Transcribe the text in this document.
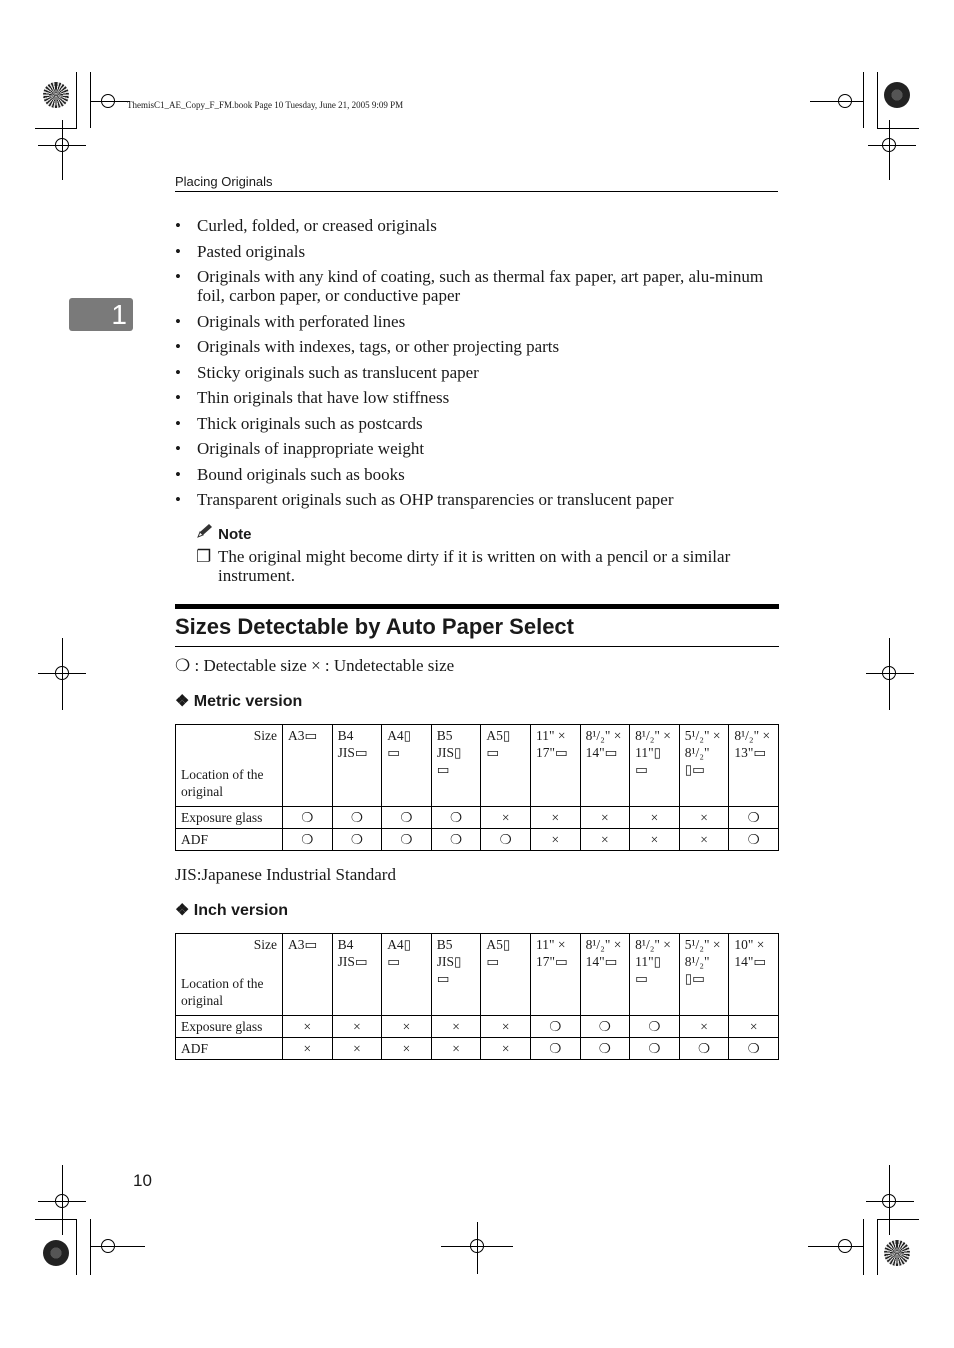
ThemisC1_AE_Copy_F_FM.book Page 10 Tuesday, June 21, 2005 9:09 PM
Placing Originals
1
• Curled, folded, or creased originals
• Pasted originals
• Originals with any kind of coating, such as thermal fax paper, art paper, alu-minum foil, carbon paper, or conductive paper
• Originals with perforated lines
• Originals with indexes, tags, or other projecting parts
• Sticky originals such as translucent paper
• Thin originals that have low stiffness
• Thick originals such as postcards
• Originals of inappropriate weight
• Bound originals such as books
• Transparent originals such as OHP transparencies or translucent paper
Note
❐ The original might become dirty if it is written on with a pencil or a similar instrument.
Sizes Detectable by Auto Paper Select
❍ : Detectable size × : Undetectable size
❖ Metric version
Size
Location of the original	A3▭	B4 JIS▭	A4▯ ▭	B5 JIS▯ ▭	A5▯ ▭	11" × 17"▭	8¹/₂" × 14"▭	8¹/₂" × 11"▯ ▭	5¹/₂" × 8¹/₂" ▯▭	8¹/₂" × 13"▭
Exposure glass	❍	❍	❍	❍	×	×	×	×	×	❍
ADF	❍	❍	❍	❍	❍	×	×	×	×	❍
JIS:Japanese Industrial Standard
❖ Inch version
Size
Location of the original	A3▭	B4 JIS▭	A4▯ ▭	B5 JIS▯ ▭	A5▯ ▭	11" × 17"▭	8¹/₂" × 14"▭	8¹/₂" × 11"▯ ▭	5¹/₂" × 8¹/₂" ▯▭	10" × 14"▭
Exposure glass	×	×	×	×	×	❍	❍	❍	×	×
ADF	×	×	×	×	×	❍	❍	❍	❍	❍
10
